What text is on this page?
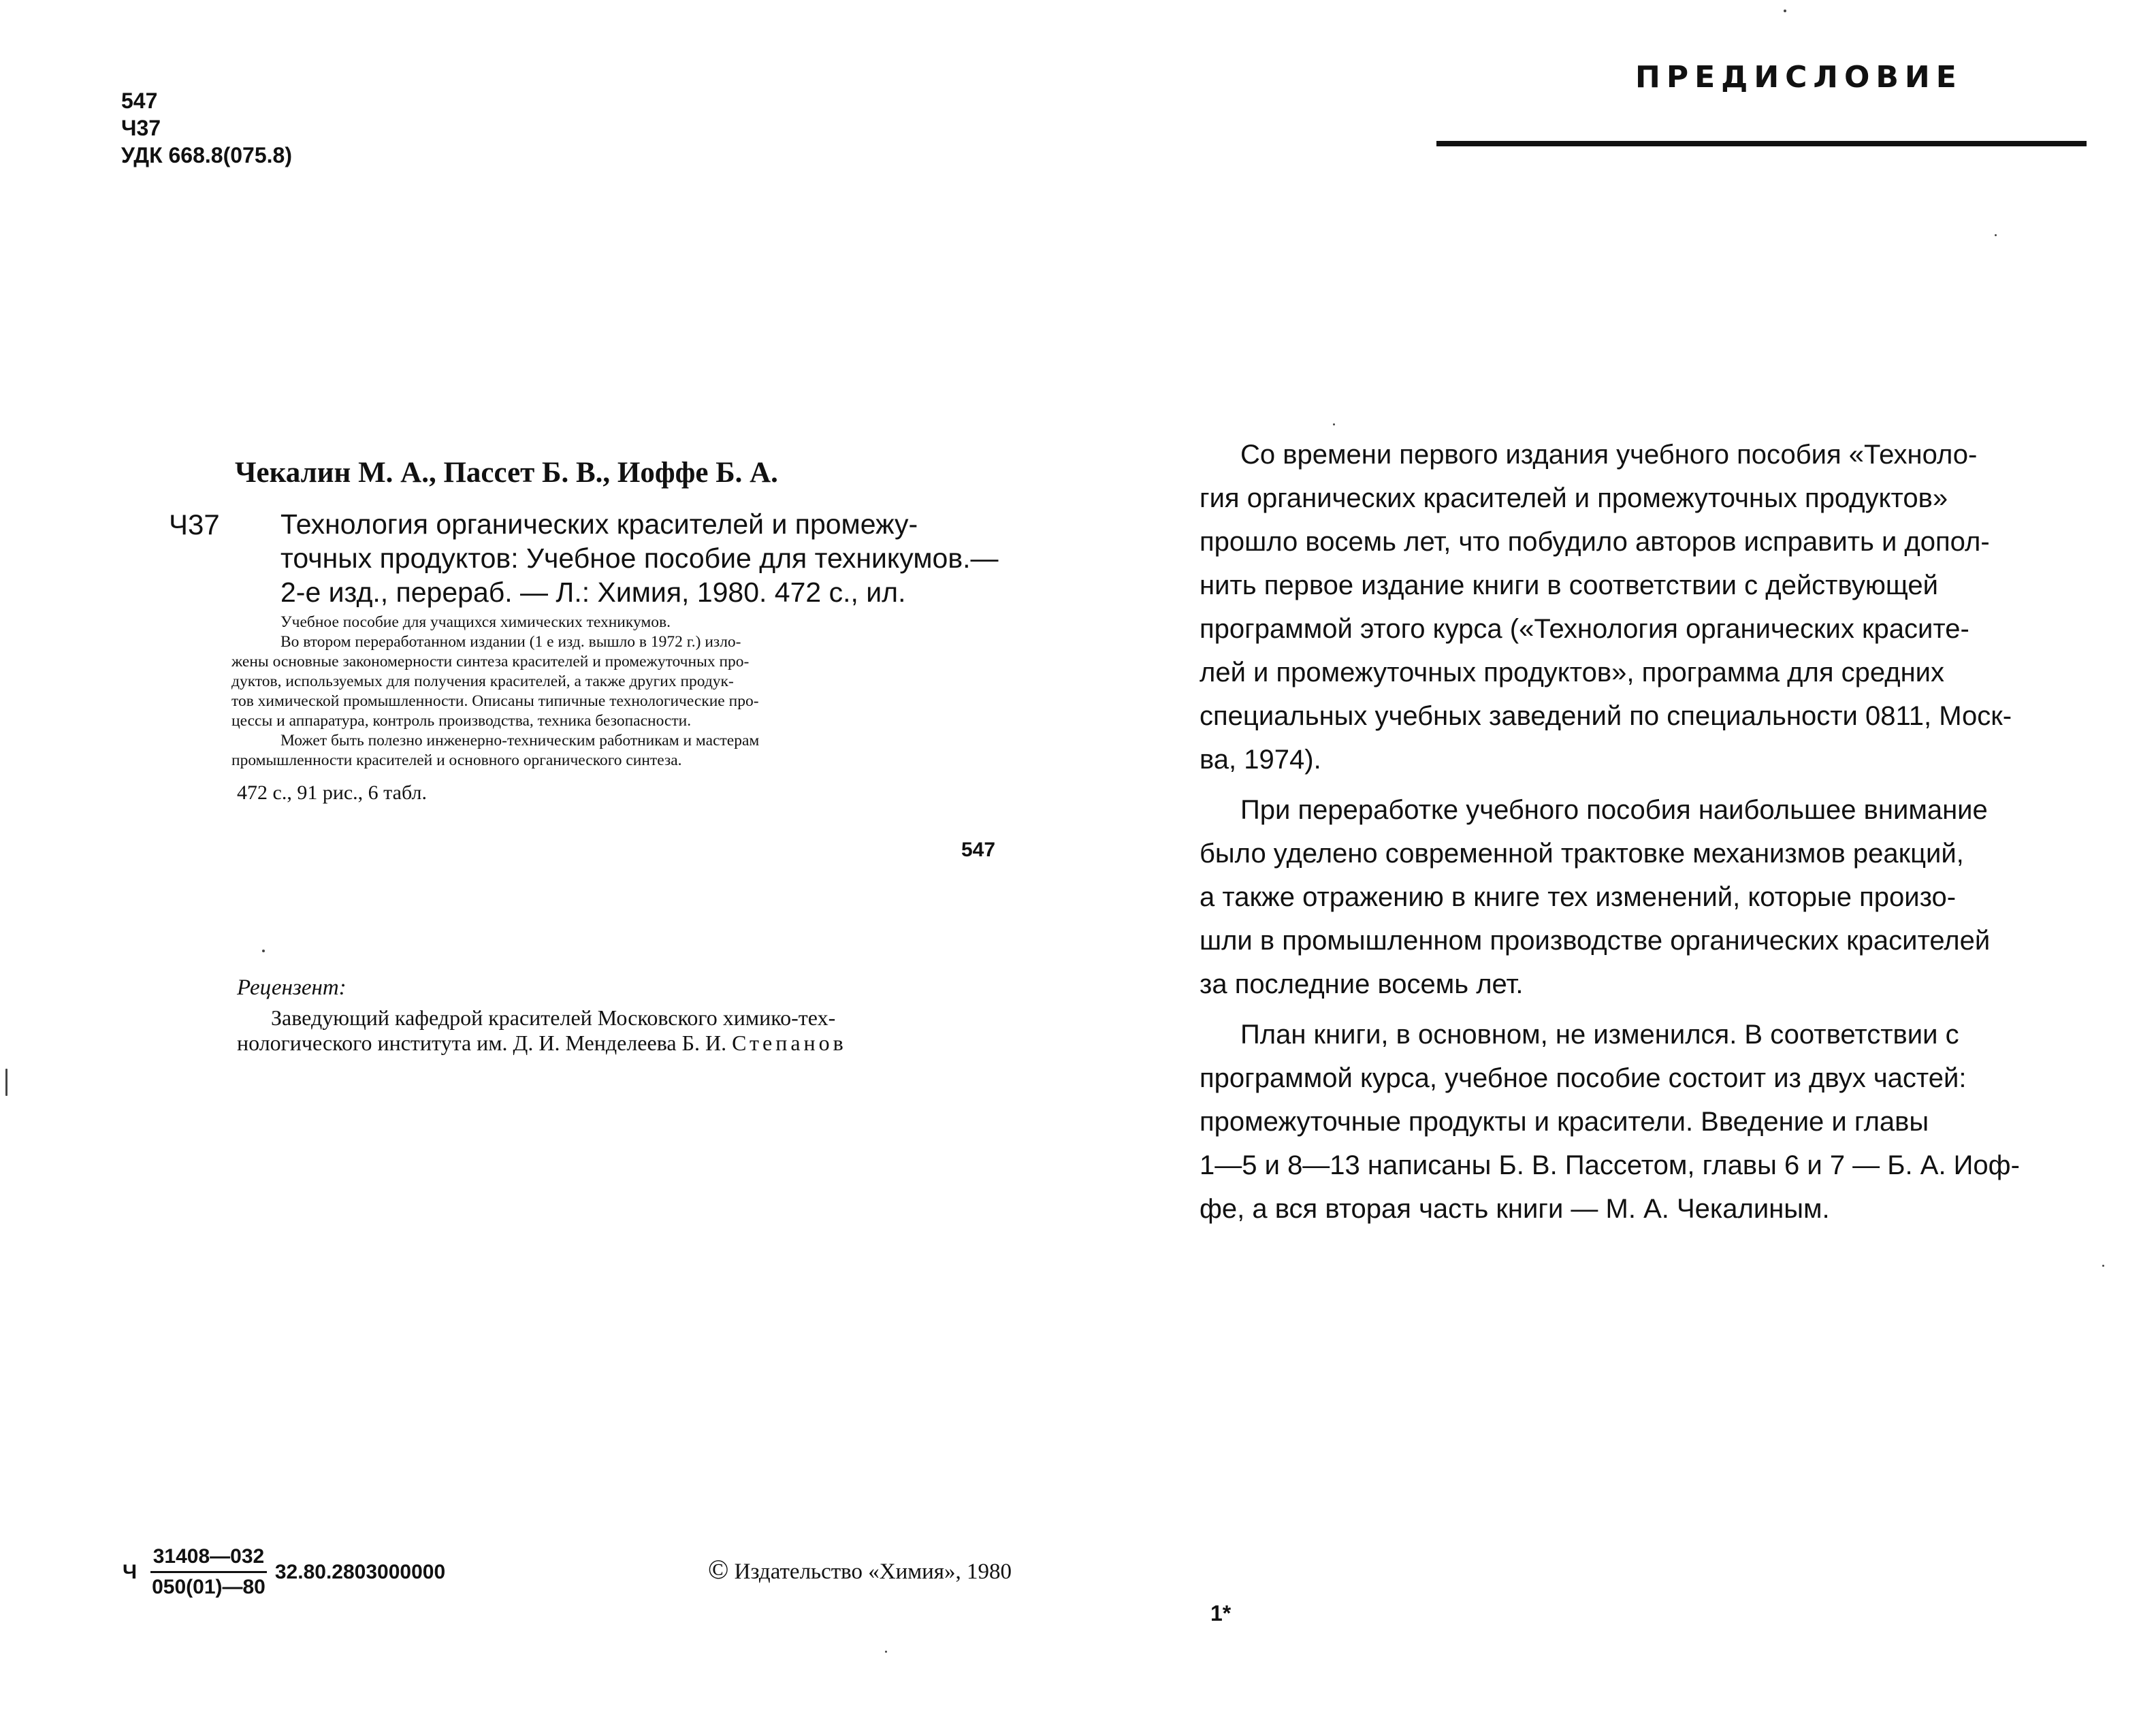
547
Ч37
УДК 668.8(075.8)
Чекалин М. А., Пассет Б. В., Иоффе Б. А.
Ч37 Технология органических красителей и промежу-
точных продуктов: Учебное пособие для техникумов.—
2-е изд., перераб. — Л.: Химия, 1980. 472 с., ил.
Учебное пособие для учащихся химических техникумов.
Во втором переработанном издании (1 е изд. вышло в 1972 г.) изло-
жены основные закономерности синтеза красителей и промежуточных про-
дуктов, используемых для получения красителей, а также других продук-
тов химической промышленности. Описаны типичные технологические про-
цессы и аппаратура, контроль производства, техника безопасности.
Может быть полезно инженерно-техническим работникам и мастерам
промышленности красителей и основного органического синтеза.
472 с., 91 рис., 6 табл.
547
Рецензент:
Заведующий кафедрой красителей Московского химико-тех-
нологического института им. Д. И. Менделеева Б. И. Степанов
Ч $\frac{31408—032}{050(01)—80} 32.80.2803000000$	© Издательство «Химия», 1980
ПРЕДИСЛОВИЕ

Со времени первого издания учебного пособия «Техноло-
гия органических красителей и промежуточных продуктов»
прошло восемь лет, что побудило авторов исправить и допол-
нить первое издание книги в соответствии с действующей
программой этого курса («Технология органических красите-
лей и промежуточных продуктов», программа для средних
специальных учебных заведений по специальности 0811, Моск-
ва, 1974).

При переработке учебного пособия наибольшее внимание
было уделено современной трактовке механизмов реакций,
а также отражению в книге тех изменений, которые произо-
шли в промышленном производстве органических красителей
за последние восемь лет.

План книги, в основном, не изменился. В соответствии с
программой курса, учебное пособие состоит из двух частей:
промежуточные продукты и красители. Введение и главы
1—5 и 8—13 написаны Б. В. Пассетом, главы 6 и 7 — Б. А. Иоф-
фе, а вся вторая часть книги — М. А. Чекалиным.

1*
